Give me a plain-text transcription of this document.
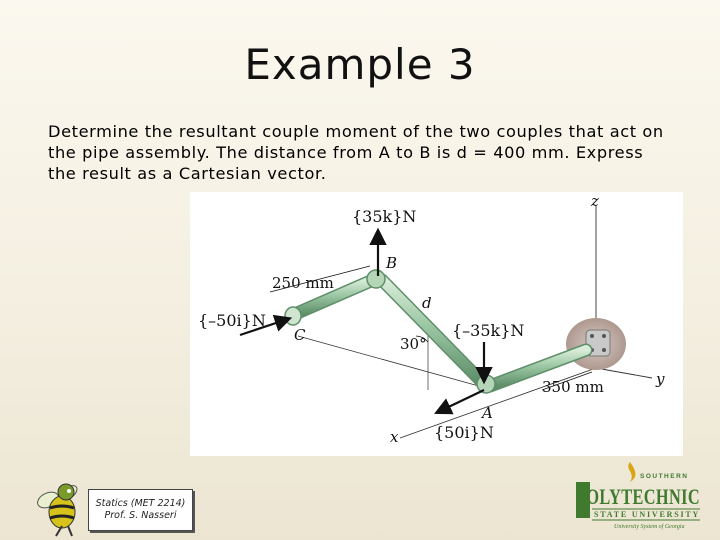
Example 3
Determine the resultant couple moment of the two couples that act on the pipe assembly. The distance from A to B is d = 400 mm. Express the result as a Cartesian vector.
{35k}N
B
250 mm
d
{–50i}N
C	{–35k}N
30°
350 mm
A
{50i}N
x
z
y
Statics (MET 2214)
Prof. S. Nasseri
SOUTHERN
POLYTECHNIC
STATE UNIVERSITY
University System of Georgia
